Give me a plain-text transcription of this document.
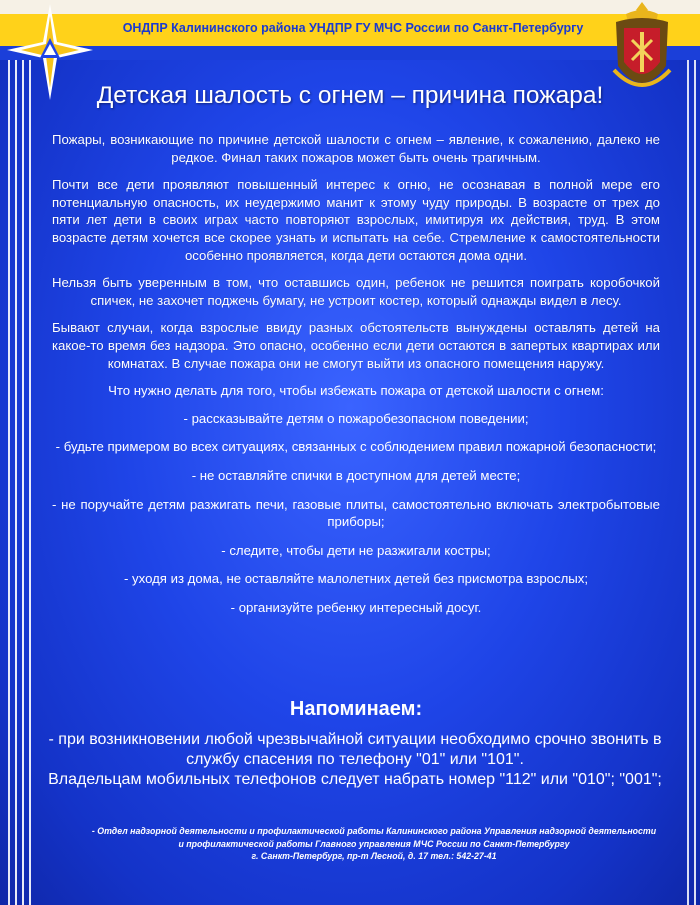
ОНДПР Калининского района УНДПР ГУ МЧС России по Санкт-Петербургу
Детская шалость с огнем – причина пожара!

Пожары, возникающие по причине детской шалости с огнем – явление, к сожалению, далеко не редкое. Финал таких пожаров может быть очень трагичным.

Почти все дети проявляют повышенный интерес к огню, не осознавая в полной мере его потенциальную опасность, их неудержимо манит к этому чуду природы. В возрасте от трех до пяти лет дети в своих играх часто повторяют взрослых, имитируя их действия, труд. В этом возрасте детям хочется все скорее узнать и испытать на себе. Стремление к самостоятельности особенно проявляется, когда дети остаются дома одни.

Нельзя быть уверенным в том, что оставшись один, ребенок не решится поиграть коробочкой спичек, не захочет поджечь бумагу, не устроит костер, который однажды видел в лесу.

Бывают случаи, когда взрослые ввиду разных обстоятельств вынуждены оставлять детей на какое-то время без надзора. Это опасно, особенно если дети остаются в запертых квартирах или комнатах. В случае пожара они не смогут выйти из опасного помещения наружу.

Что нужно делать для того, чтобы избежать пожара от детской шалости с огнем:

- рассказывайте детям о пожаробезопасном поведении;
- будьте примером во всех ситуациях, связанных с соблюдением правил пожарной безопасности;
- не оставляйте спички в доступном для детей месте;
- не поручайте детям разжигать печи, газовые плиты, самостоятельно включать электробытовые приборы;
- следите, чтобы дети не разжигали костры;
- уходя из дома, не оставляйте малолетних детей без присмотра взрослых;
- организуйте ребенку интересный досуг.
Напоминаем:
- при возникновении любой чрезвычайной ситуации необходимо срочно звонить в службу спасения по телефону "01" или "101".
Владельцам мобильных телефонов следует набрать номер "112" или "010"; "001";
- Отдел надзорной деятельности и профилактической работы Калининского района Управления надзорной деятельности
и профилактической работы Главного управления МЧС России по Санкт-Петербургу
г. Санкт-Петербург, пр-т Лесной, д. 17 тел.: 542-27-41
